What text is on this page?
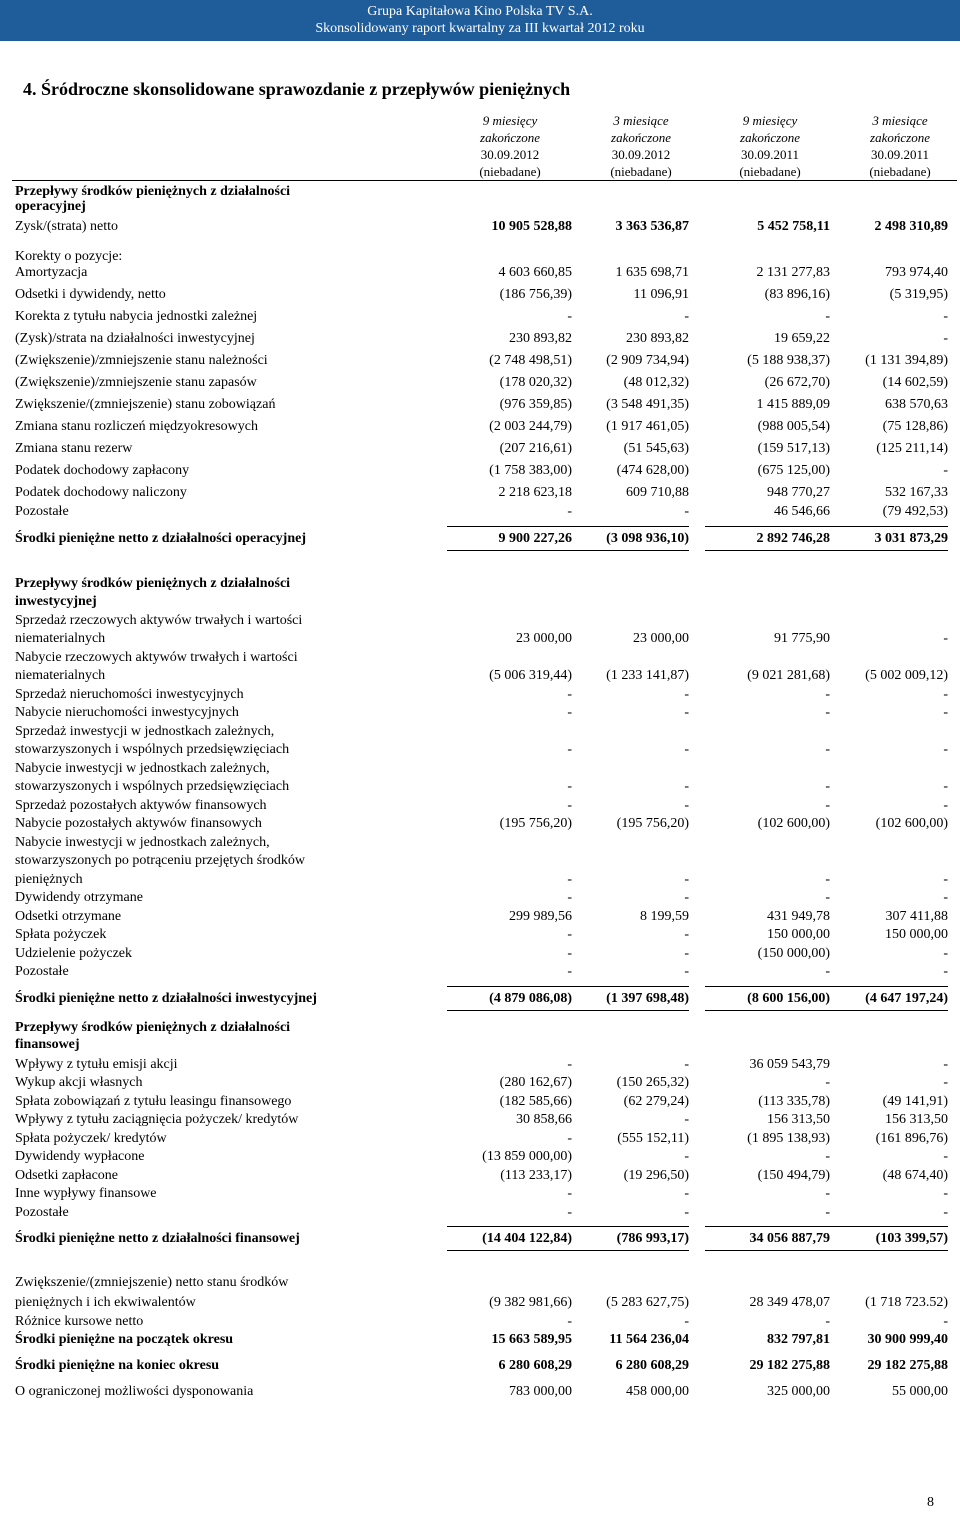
Grupa Kapitałowa Kino Polska TV S.A.
Skonsolidowany raport kwartalny za III kwartał 2012 roku
4. Śródroczne skonsolidowane sprawozdanie z przepływów pieniężnych
9 miesięcy
zakończone
30.09.2012
(niebadane)
3 miesiące
zakończone
30.09.2012
(niebadane)
9 miesięcy
zakończone
30.09.2011
(niebadane)
3 miesiące
zakończone
30.09.2011
(niebadane)
Przepływy środków pieniężnych z działalności
operacyjnej
Zysk/(strata) netto	10 905 528,88	3 363 536,87	5 452 758,11	2 498 310,89
Korekty o pozycje:
Amortyzacja	4 603 660,85	1 635 698,71	2 131 277,83	793 974,40
Odsetki i dywidendy, netto	(186 756,39)	11 096,91	(83 896,16)	(5 319,95)
Korekta z tytułu nabycia jednostki zależnej	-	-	-	-
(Zysk)/strata na działalności inwestycyjnej	230 893,82	230 893,82	19 659,22	-
(Zwiększenie)/zmniejszenie stanu należności	(2 748 498,51)	(2 909 734,94)	(5 188 938,37)	(1 131 394,89)
(Zwiększenie)/zmniejszenie stanu zapasów	(178 020,32)	(48 012,32)	(26 672,70)	(14 602,59)
Zwiększenie/(zmniejszenie) stanu zobowiązań	(976 359,85)	(3 548 491,35)	1 415 889,09	638 570,63
Zmiana stanu rozliczeń międzyokresowych	(2 003 244,79)	(1 917 461,05)	(988 005,54)	(75 128,86)
Zmiana stanu rezerw	(207 216,61)	(51 545,63)	(159 517,13)	(125 211,14)
Podatek dochodowy zapłacony	(1 758 383,00)	(474 628,00)	(675 125,00)	-
Podatek dochodowy naliczony	2 218 623,18	609 710,88	948 770,27	532 167,33
Pozostałe	-	-	46 546,66	(79 492,53)
Środki pieniężne netto z działalności operacyjnej	9 900 227,26	(3 098 936,10)	2 892 746,28	3 031 873,29
Przepływy środków pieniężnych z działalności
inwestycyjnej
Sprzedaż rzeczowych aktywów trwałych i wartości
niematerialnych	23 000,00	23 000,00	91 775,90	-
Nabycie rzeczowych aktywów trwałych i wartości
niematerialnych	(5 006 319,44)	(1 233 141,87)	(9 021 281,68)	(5 002 009,12)
Sprzedaż nieruchomości inwestycyjnych	-	-	-	-
Nabycie nieruchomości inwestycyjnych	-	-	-	-
Sprzedaż inwestycji w jednostkach zależnych,
stowarzyszonych i wspólnych przedsięwzięciach	-	-	-	-
Nabycie inwestycji w jednostkach zależnych,
stowarzyszonych i wspólnych przedsięwzięciach	-	-	-	-
Sprzedaż pozostałych aktywów finansowych	-	-	-	-
Nabycie pozostałych aktywów finansowych	(195 756,20)	(195 756,20)	(102 600,00)	(102 600,00)
Nabycie inwestycji w jednostkach zależnych,
stowarzyszonych po potrąceniu przejętych środków
pieniężnych	-	-	-	-
Dywidendy otrzymane	-	-	-	-
Odsetki otrzymane	299 989,56	8 199,59	431 949,78	307 411,88
Spłata pożyczek	-	-	150 000,00	150 000,00
Udzielenie pożyczek	-	-	(150 000,00)	-
Pozostałe	-	-	-	-
Środki pieniężne netto z działalności inwestycyjnej	(4 879 086,08)	(1 397 698,48)	(8 600 156,00)	(4 647 197,24)
Przepływy środków pieniężnych z działalności
finansowej
Wpływy z tytułu emisji akcji	-	-	36 059 543,79	-
Wykup akcji własnych	(280 162,67)	(150 265,32)	-	-
Spłata zobowiązań z tytułu leasingu finansowego	(182 585,66)	(62 279,24)	(113 335,78)	(49 141,91)
Wpływy z tytułu zaciągnięcia pożyczek/ kredytów	30 858,66	-	156 313,50	156 313,50
Spłata pożyczek/ kredytów	-	(555 152,11)	(1 895 138,93)	(161 896,76)
Dywidendy wypłacone	(13 859 000,00)	-	-	-
Odsetki zapłacone	(113 233,17)	(19 296,50)	(150 494,79)	(48 674,40)
Inne wypływy finansowe	-	-	-	-
Pozostałe	-	-	-	-
Środki pieniężne netto z działalności finansowej	(14 404 122,84)	(786 993,17)	34 056 887,79	(103 399,57)
Zwiększenie/(zmniejszenie) netto stanu środków
pieniężnych i ich ekwiwalentów	(9 382 981,66)	(5 283 627,75)	28 349 478,07	(1 718 723.52)
Różnice kursowe netto	-	-	-	-
Środki pieniężne na początek okresu	15 663 589,95	11 564 236,04	832 797,81	30 900 999,40
Środki pieniężne na koniec okresu	6 280 608,29	6 280 608,29	29 182 275,88	29 182 275,88
O ograniczonej możliwości dysponowania	783 000,00	458 000,00	325 000,00	55 000,00
8
